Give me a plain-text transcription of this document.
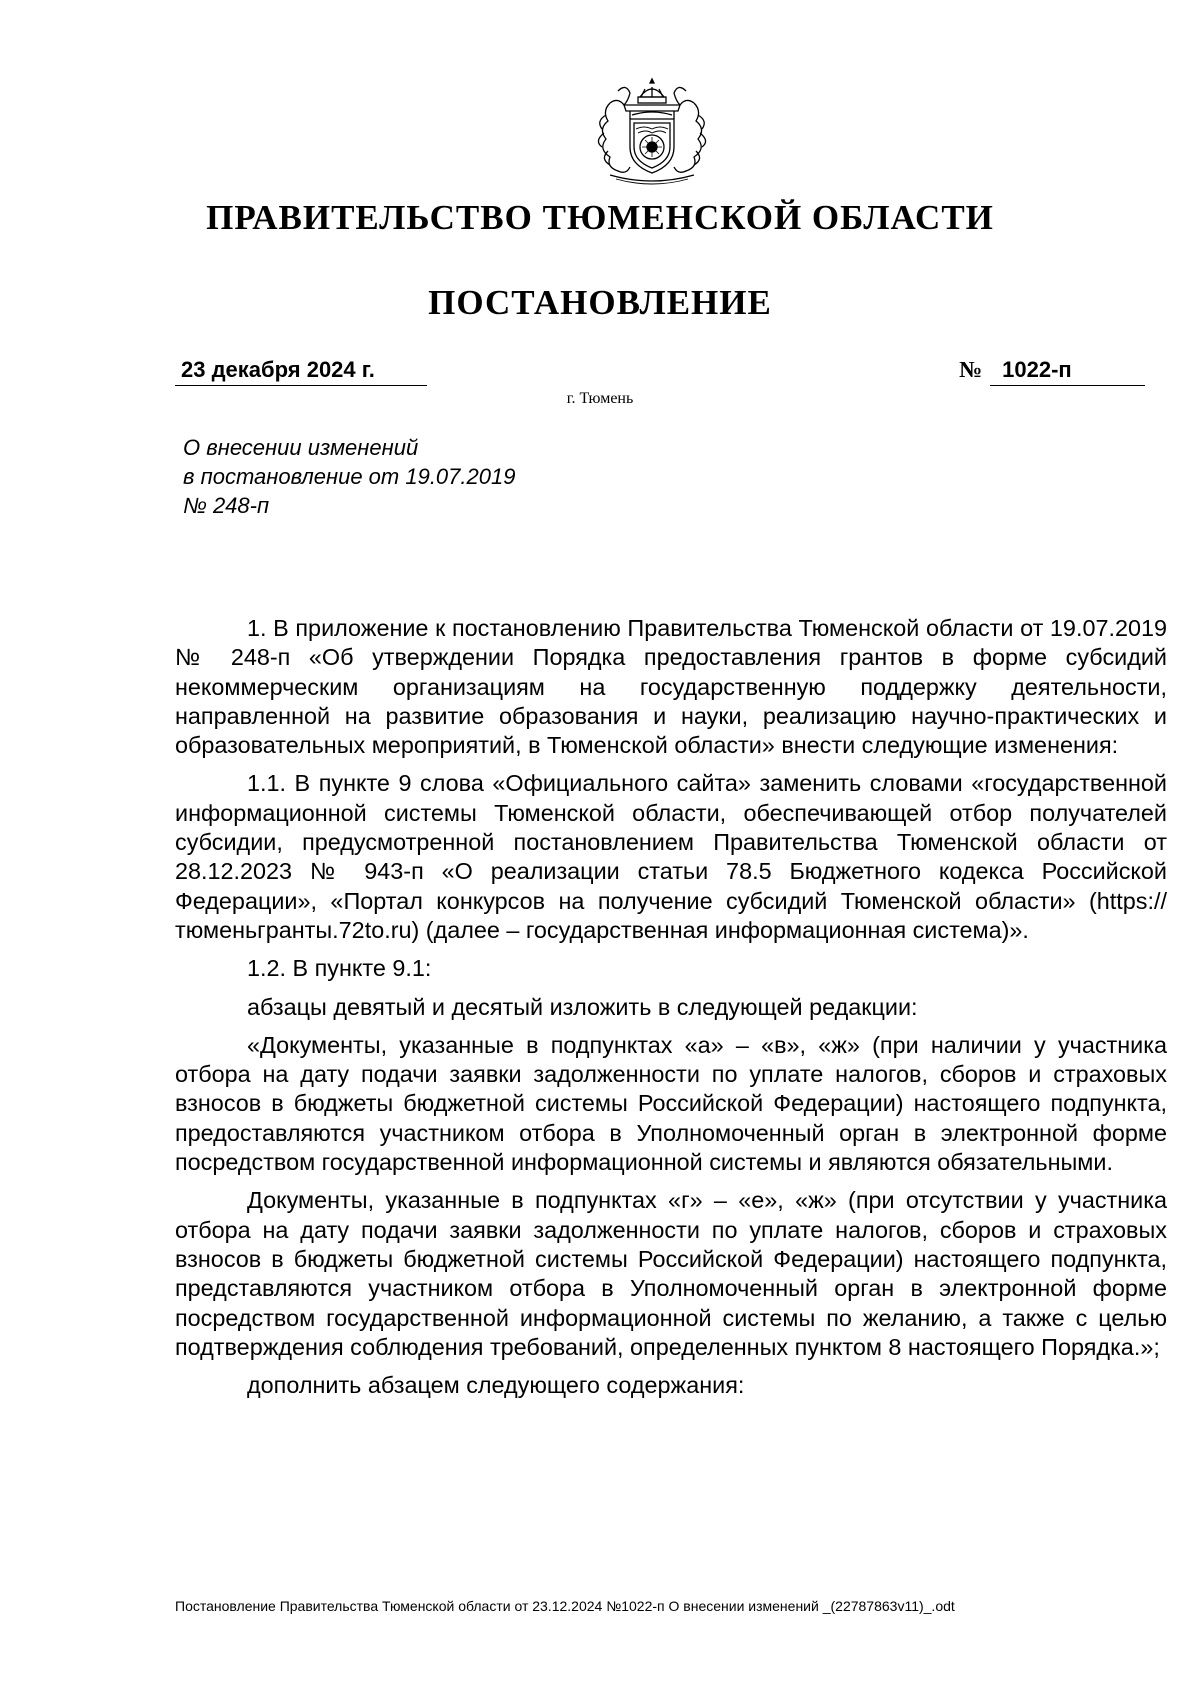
ПРАВИТЕЛЬСТВО ТЮМЕНСКОЙ ОБЛАСТИ
ПОСТАНОВЛЕНИЕ
23 декабря 2024 г.	№ 1022-п
г. Тюмень
О внесении изменений
в постановление от 19.07.2019
№ 248-п

1. В приложение к постановлению Правительства Тюменской области от 19.07.2019 № 248-п «Об утверждении Порядка предоставления грантов в форме субсидий некоммерческим организациям на государственную поддержку деятельности, направленной на развитие образования и науки, реализацию научно-практических и образовательных мероприятий, в Тюменской области» внести следующие изменения:

1.1. В пункте 9 слова «Официального сайта» заменить словами «государственной информационной системы Тюменской области, обеспечивающей отбор получателей субсидии, предусмотренной постановлением Правительства Тюменской области от 28.12.2023 № 943-п «О реализации статьи 78.5 Бюджетного кодекса Российской Федерации», «Портал конкурсов на получение субсидий Тюменской области» (https://тюменьгранты.72to.ru) (далее – государственная информационная система)».

1.2. В пункте 9.1:

абзацы девятый и десятый изложить в следующей редакции:

«Документы, указанные в подпунктах «а» – «в», «ж» (при наличии у участника отбора на дату подачи заявки задолженности по уплате налогов, сборов и страховых взносов в бюджеты бюджетной системы Российской Федерации) настоящего подпункта, предоставляются участником отбора в Уполномоченный орган в электронной форме посредством государственной информационной системы и являются обязательными.

Документы, указанные в подпунктах «г» – «е», «ж» (при отсутствии у участника отбора на дату подачи заявки задолженности по уплате налогов, сборов и страховых взносов в бюджеты бюджетной системы Российской Федерации) настоящего подпункта, представляются участником отбора в Уполномоченный орган в электронной форме посредством государственной информационной системы по желанию, а также с целью подтверждения соблюдения требований, определенных пунктом 8 настоящего Порядка.»;

дополнить абзацем следующего содержания:

Постановление Правительства Тюменской области от 23.12.2024 №1022-п О внесении изменений _(22787863v11)_.odt
